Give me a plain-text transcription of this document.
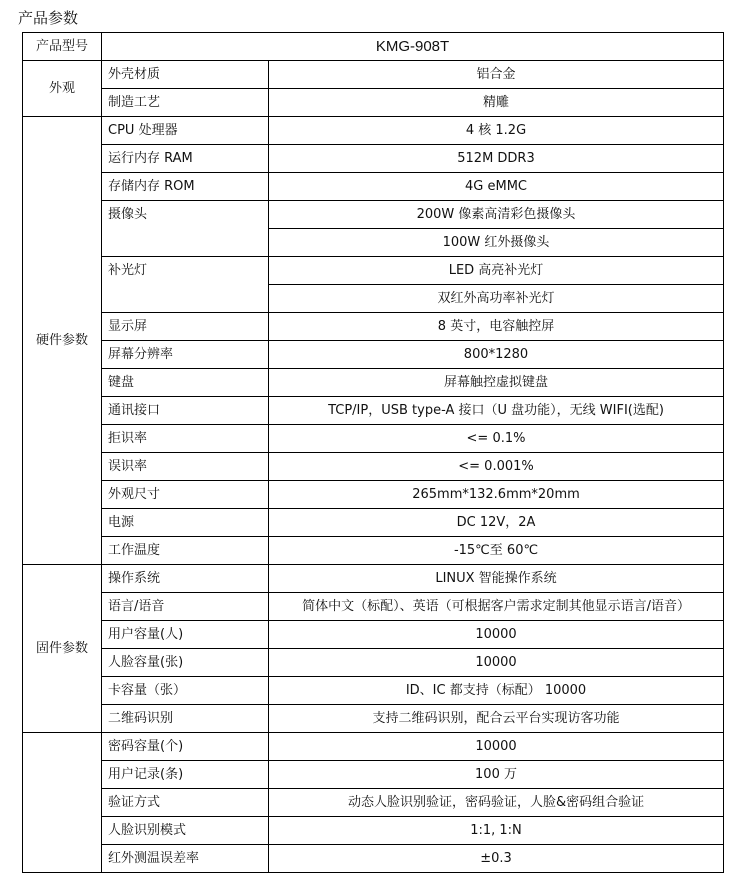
产品参数
产品型号	KMG-908T	
外观	外壳材质	铝合金
	制造工艺	精雕
硬件参数	CPU 处理器	4 核 1.2G
	运行内存 RAM	512M DDR3
	存储内存 ROM	4G eMMC
	摄像头	200W 像素高清彩色摄像头
		100W 红外摄像头
	补光灯	LED 高亮补光灯
		双红外高功率补光灯
	显示屏	8 英寸，电容触控屏
	屏幕分辨率	800*1280
	键盘	屏幕触控虚拟键盘
	通讯接口	TCP/IP，USB type-A 接口（U 盘功能），无线 WIFI(选配)
	拒识率	<= 0.1%
	误识率	<= 0.001%
	外观尺寸	265mm*132.6mm*20mm
	电源	DC 12V，2A
	工作温度	-15℃至 60℃
固件参数	操作系统	LINUX 智能操作系统
	语言/语音	简体中文（标配）、英语（可根据客户需求定制其他显示语言/语音）
	用户容量(人)	10000
	人脸容量(张)	10000
	卡容量（张）	ID、IC 都支持（标配） 10000
	二维码识别	支持二维码识别，配合云平台实现访客功能
	密码容量(个)	10000
	用户记录(条)	100 万
	验证方式	动态人脸识别验证，密码验证，人脸&密码组合验证
	人脸识别模式	1:1, 1:N
	红外测温误差率	±0.3
